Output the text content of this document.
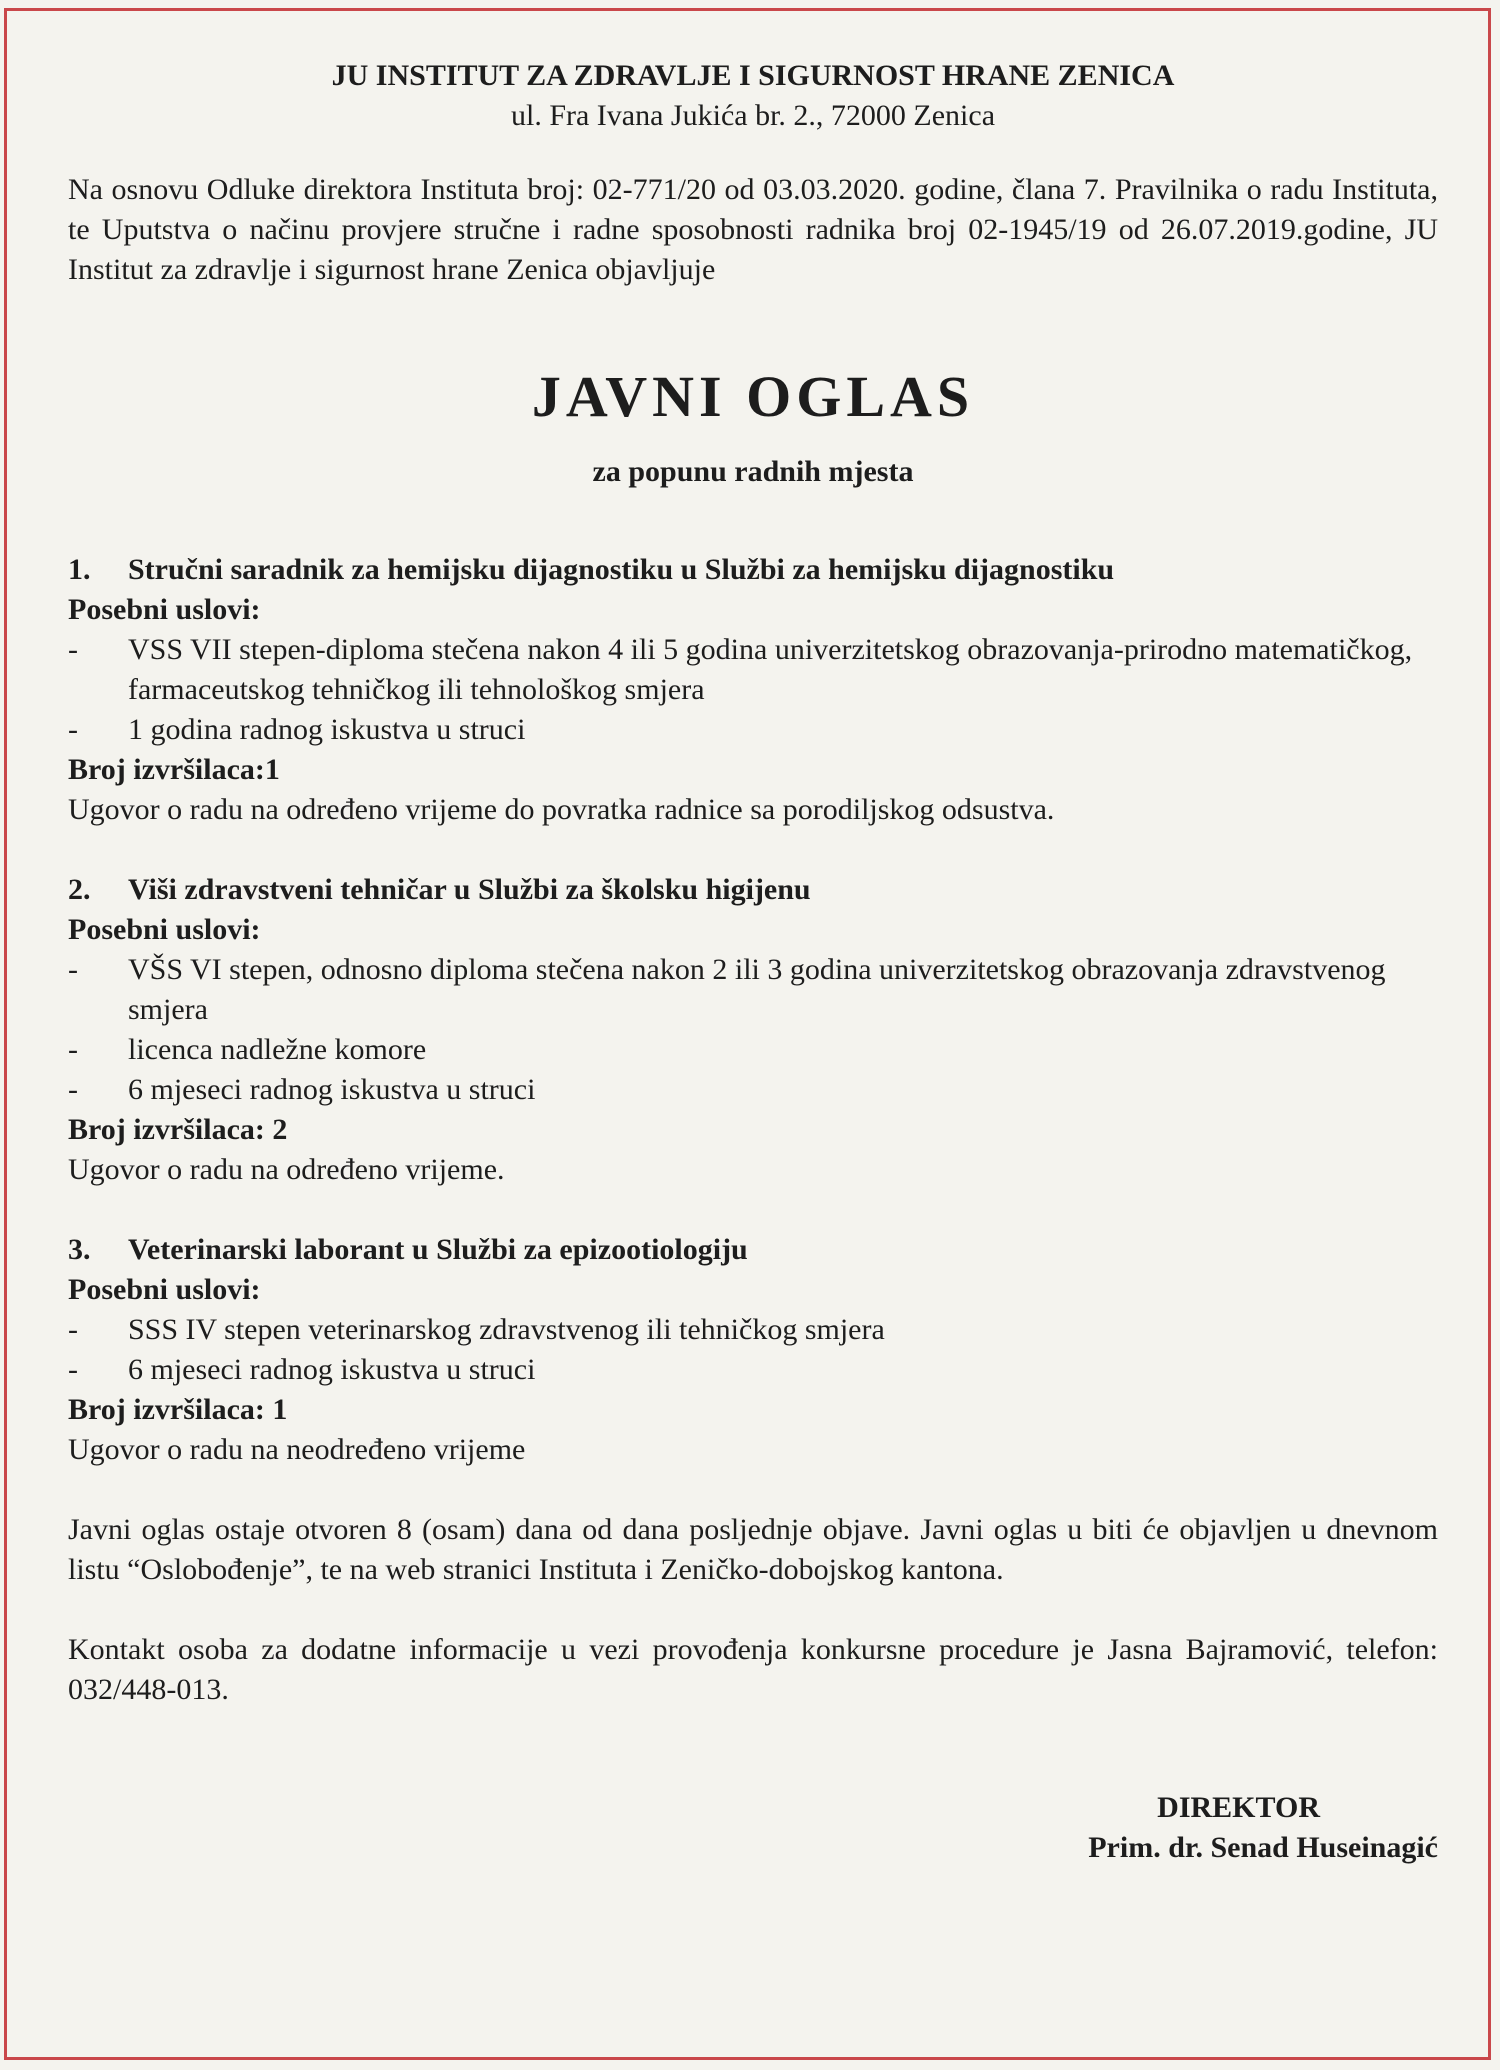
JU INSTITUT ZA ZDRAVLJE I SIGURNOST HRANE ZENICA
ul. Fra Ivana Jukića br. 2., 72000 Zenica
Na osnovu Odluke direktora Instituta broj: 02-771/20 od 03.03.2020. godine, člana 7. Pravilnika o radu Instituta, te Uputstva o načinu provjere stručne i radne sposobnosti radnika broj 02-1945/19 od 26.07.2019.godine, JU Institut za zdravlje i sigurnost hrane Zenica objavljuje
JAVNI OGLAS
za popunu radnih mjesta
1.	Stručni saradnik za hemijsku dijagnostiku u Službi za hemijsku dijagnostiku
Posebni uslovi:
-	VSS VII stepen-diploma stečena nakon 4 ili 5 godina univerzitetskog obrazovanja-prirodno matematičkog, farmaceutskog tehničkog ili tehnološkog smjera
-	1 godina radnog iskustva u struci
Broj izvršilaca:1
Ugovor o radu na određeno vrijeme do povratka radnice sa porodiljskog odsustva.
2.	Viši zdravstveni tehničar u Službi za školsku higijenu
Posebni uslovi:
-	VŠS VI stepen, odnosno diploma stečena nakon 2 ili 3 godina univerzitetskog obrazovanja zdravstvenog smjera
-	licenca nadležne komore
-	6 mjeseci radnog iskustva u struci
Broj izvršilaca: 2
Ugovor o radu na određeno vrijeme.
3.	Veterinarski laborant u Službi za epizootiologiju
Posebni uslovi:
-	SSS IV stepen veterinarskog zdravstvenog ili tehničkog smjera
-	6 mjeseci radnog iskustva u struci
Broj izvršilaca: 1
Ugovor o radu na neodređeno vrijeme
Javni oglas ostaje otvoren 8 (osam) dana od dana posljednje objave. Javni oglas u biti će objavljen u dnevnom listu “Oslobođenje”, te na web stranici Instituta i Zeničko-dobojskog kantona.
Kontakt osoba za dodatne informacije u vezi provođenja konkursne procedure je Jasna Bajramović, telefon: 032/448-013.
DIREKTOR
Prim. dr. Senad Huseinagić
